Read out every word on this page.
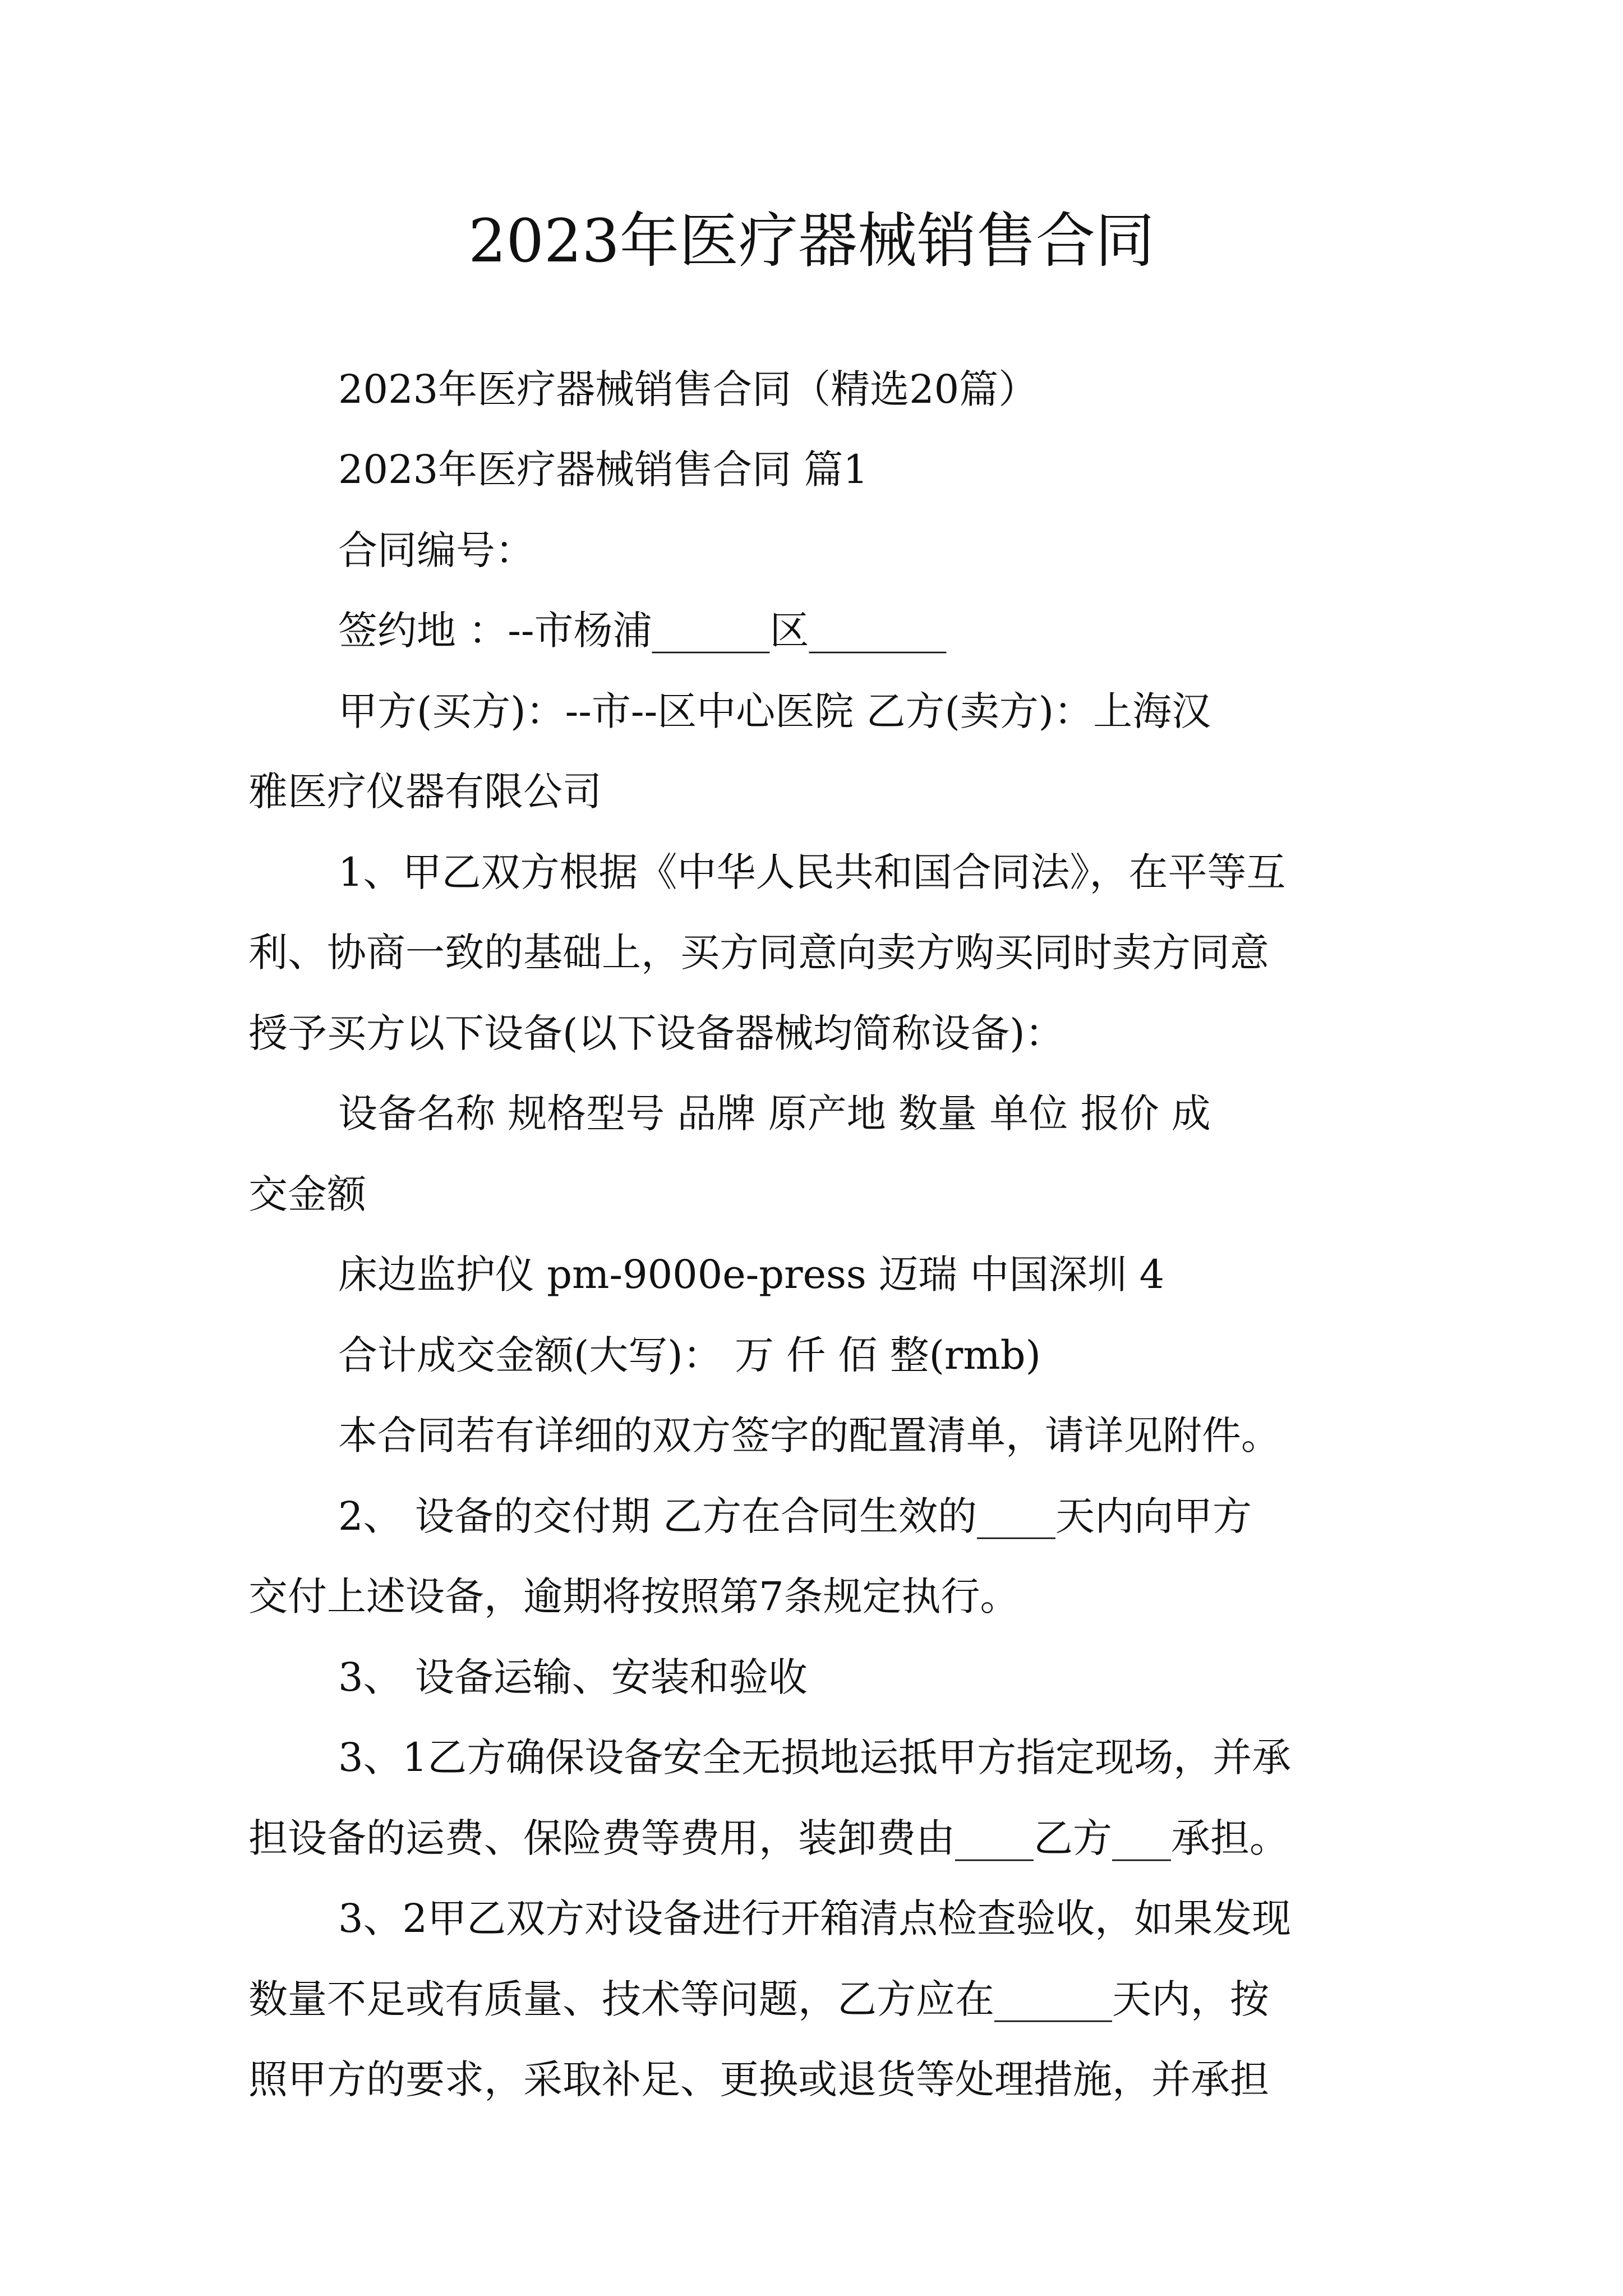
2023年医疗器械销售合同
2023年医疗器械销售合同（精选20篇）
2023年医疗器械销售合同 篇1
合同编号：
签约地 ：--市杨浦______区_______
甲方(买方)：--市--区中心医院 乙方(卖方)：上海汉
雅医疗仪器有限公司
1、甲乙双方根据《中华人民共和国合同法》，在平等互
利、协商一致的基础上，买方同意向卖方购买同时卖方同意
授予买方以下设备(以下设备器械均简称设备)：
设备名称 规格型号 品牌 原产地 数量 单位 报价 成
交金额
床边监护仪 pm-9000e-press 迈瑞 中国深圳 4
合计成交金额(大写)： 万 仟 佰 整(rmb)
本合同若有详细的双方签字的配置清单，请详见附件。
2、 设备的交付期 乙方在合同生效的____天内向甲方
交付上述设备，逾期将按照第7条规定执行。
3、 设备运输、安装和验收
3、1乙方确保设备安全无损地运抵甲方指定现场，并承
担设备的运费、保险费等费用，装卸费由____乙方___承担。
3、2甲乙双方对设备进行开箱清点检查验收，如果发现
数量不足或有质量、技术等问题，乙方应在______天内，按
照甲方的要求，采取补足、更换或退货等处理措施，并承担
